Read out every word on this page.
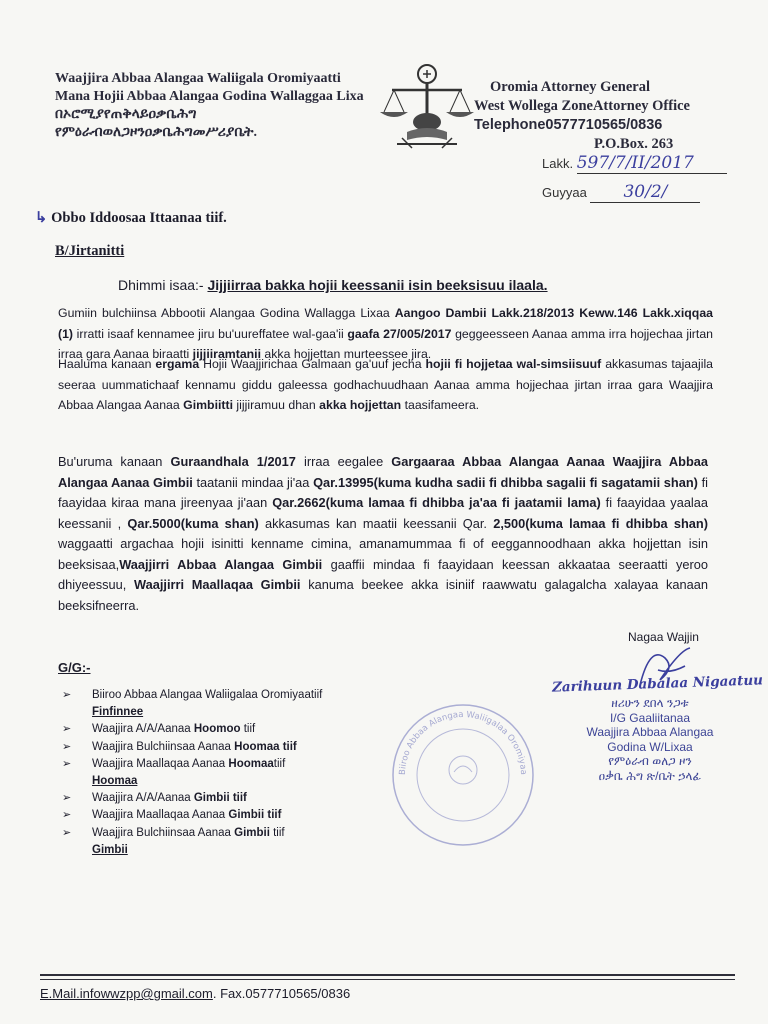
Waajjira Abbaa Alangaa Waliigala Oromiyaatti
Mana Hojii Abbaa Alangaa Godina Wallaggaa Lixa
በኦሮሚያየጠቅላይዐቃቤሕግ
የምዕራብወለጋዞንዐቃቤሕግመሥሪያቤት.
Oromia Attorney General
West Wollega ZoneAttorney Office
Telephone0577710565/0836
P.O.Box. 263
Lakk. 597/7/II/2017
Guyyaa 30/2/
↳ Obbo Iddoosaa Ittaanaa tiif.
B/Jirtanitti
Dhimmi isaa:- Jijjiirraa bakka hojii keessanii isin beeksisuu ilaala.
Gumiin bulchiinsa Abbootii Alangaa Godina Wallagga Lixaa Aangoo Dambii Lakk.218/2013 Keww.146 Lakk.xiqqaa (1) irratti isaaf kennamee jiru bu'uureffatee wal-gaa'ii gaafa 27/005/2017 geggeesseen Aanaa amma irra hojjechaa jirtan irraa gara Aanaa biraatti jijjiiramtanii akka hojjettan murteessee jira.
Haaluma kanaan ergama Hojii Waajjirichaa Galmaan ga'uuf jecha hojii fi hojjetaa wal-simsiisuuf akkasumas tajaajila seeraa uummatichaaf kennamu giddu galeessa godhachuudhaan Aanaa amma hojjechaa jirtan irraa gara Waajjira Abbaa Alangaa Aanaa Gimbiitti jijjiramuu dhan akka hojjettan taasifameera.
Bu'uruma kanaan Guraandhala 1/2017 irraa eegalee Gargaaraa Abbaa Alangaa Aanaa Waajjira Abbaa Alangaa Aanaa Gimbii taatanii mindaa ji'aa Qar.13995(kuma kudha sadii fi dhibba sagalii fi sagatamii shan) fi faayidaa kiraa mana jireenyaa ji'aan Qar.2662(kuma lamaa fi dhibba ja'aa fi jaatamii lama) fi faayidaa yaalaa keessanii , Qar.5000(kuma shan) akkasumas kan maatii keessanii Qar. 2,500(kuma lamaa fi dhibba shan) waggaatti argachaa hojii isinitti kenname cimina, amanamummaa fi of eeggannoodhaan akka hojjettan isin beeksisaa,Waajjirri Abbaa Alangaa Gimbii gaaffii mindaa fi faayidaan keessan akkaataa seeraatti yeroo dhiyeessuu, Waajjirri Maallaqaa Gimbii kanuma beekee akka isiniif raawwatu galagalcha xalayaa kanaan beeksifneerra.
Nagaa Wajjin
Biiroo Abbaa Alangaa Waliigalaa Oromiyaa
Zarihuun Dabalaa Nigaatuu
ዘሪሁን ደበላ ንጋቱ
I/G Gaaliitanaa
Waajjira Abbaa Alangaa
Godina W/Lixaa
የምዕራብ ወለጋ ዞን
ዐቃቤ ሕግ ጽ/ቤት ኃላፊ
G/G:-
➢ Biiroo Abbaa Alangaa Waliigalaa Oromiyaatiif
Finfinnee
➢ Waajjira A/A/Aanaa Hoomoo tiif
➢ Waajjira Bulchiinsaa Aanaa Hoomaa tiif
➢ Waajjira Maallaqaa Aanaa Hoomaatiif
Hoomaa
➢ Waajjira A/A/Aanaa Gimbii tiif
➢ Waajjira Maallaqaa Aanaa Gimbii tiif
➢ Waajjira Bulchiinsaa Aanaa Gimbii tiif
Gimbii
E.Mail.infowwzpp@gmail.com. Fax.0577710565/0836
